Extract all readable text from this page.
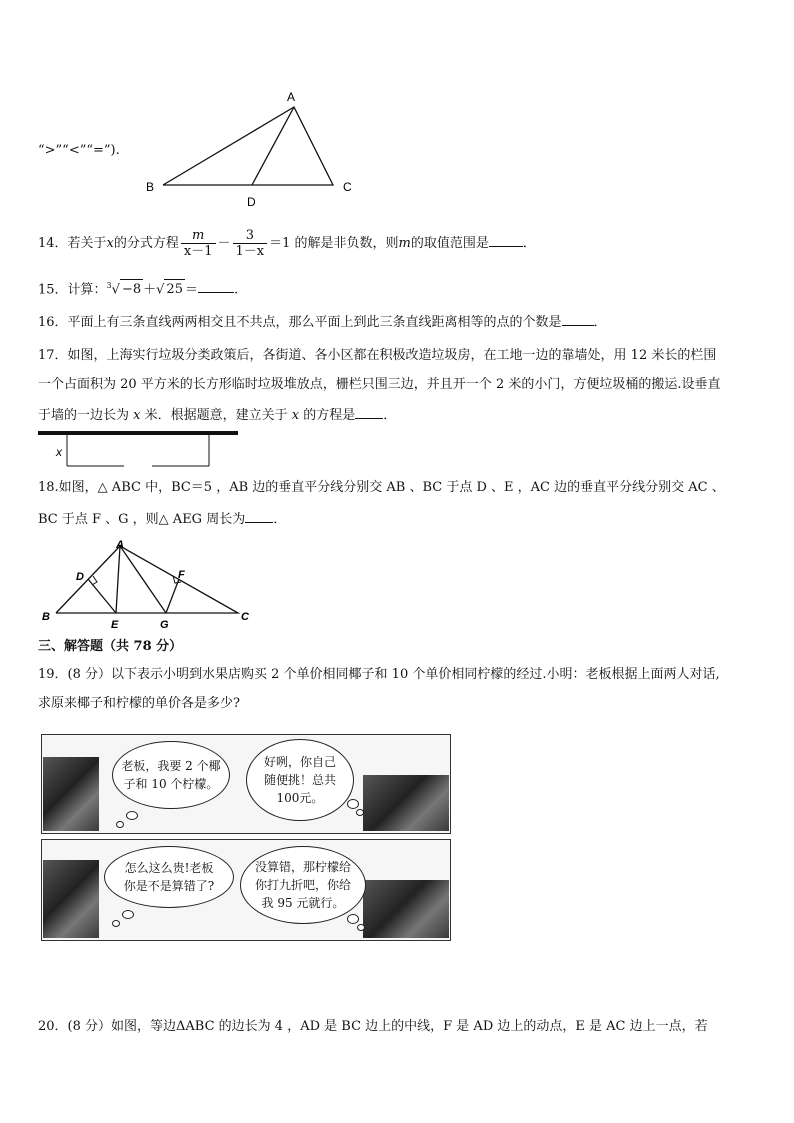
“>”“<”“=”).
A
B	C
D
14．若关于x的分式方程 $\frac{m}{x-1} - \frac{3}{1-x} =1$ 的解是非负数，则m的取值范围是	．
15．计算：$^3$√ −8 ＋√ 25 ＝	.
16．平面上有三条直线两两相交且不共点，那么平面上到此三条直线距离相等的点的个数是 ．
17．如图，上海实行垃圾分类政策后，各街道、各小区都在积极改造垃圾房，在工地一边的靠墙处，用 12 米长的栏围
一个占面积为 20 平方米的长方形临时垃圾堆放点，栅栏只围三边，并且开一个 2 米的小门，方便垃圾桶的搬运.设垂直
于墙的一边长为 x 米．根据题意，建立关于 x 的方程是 ．
x
18.如图，△ ABC 中，BC＝5 ，AB 边的垂直平分线分别交 AB 、BC 于点 D 、E ，AC 边的垂直平分线分别交 AC 、
BC 于点 F 、G ，则△ AEG 周长为 ．
A
B	C
D
E
F
G
三、解答题（共 78 分）
19．(8 分）以下表示小明到水果店购买 2 个单价相同椰子和 10 个单价相同柠檬的经过.小明：老板根据上面两人对话,
求原来椰子和柠檬的单价各是多少?
老板，我要 2 个椰
子和 10 个柠檬。
好咧，你自己
随便挑！总共
100元。
怎么这么贵!老板
你是不是算错了?
没算错，那柠檬给
你打九折吧，你给
我 95 元就行。
20．(8 分）如图，等边ΔABC 的边长为 4 ，AD 是 BC 边上的中线，F 是 AD 边上的动点，E 是 AC 边上一点，若
